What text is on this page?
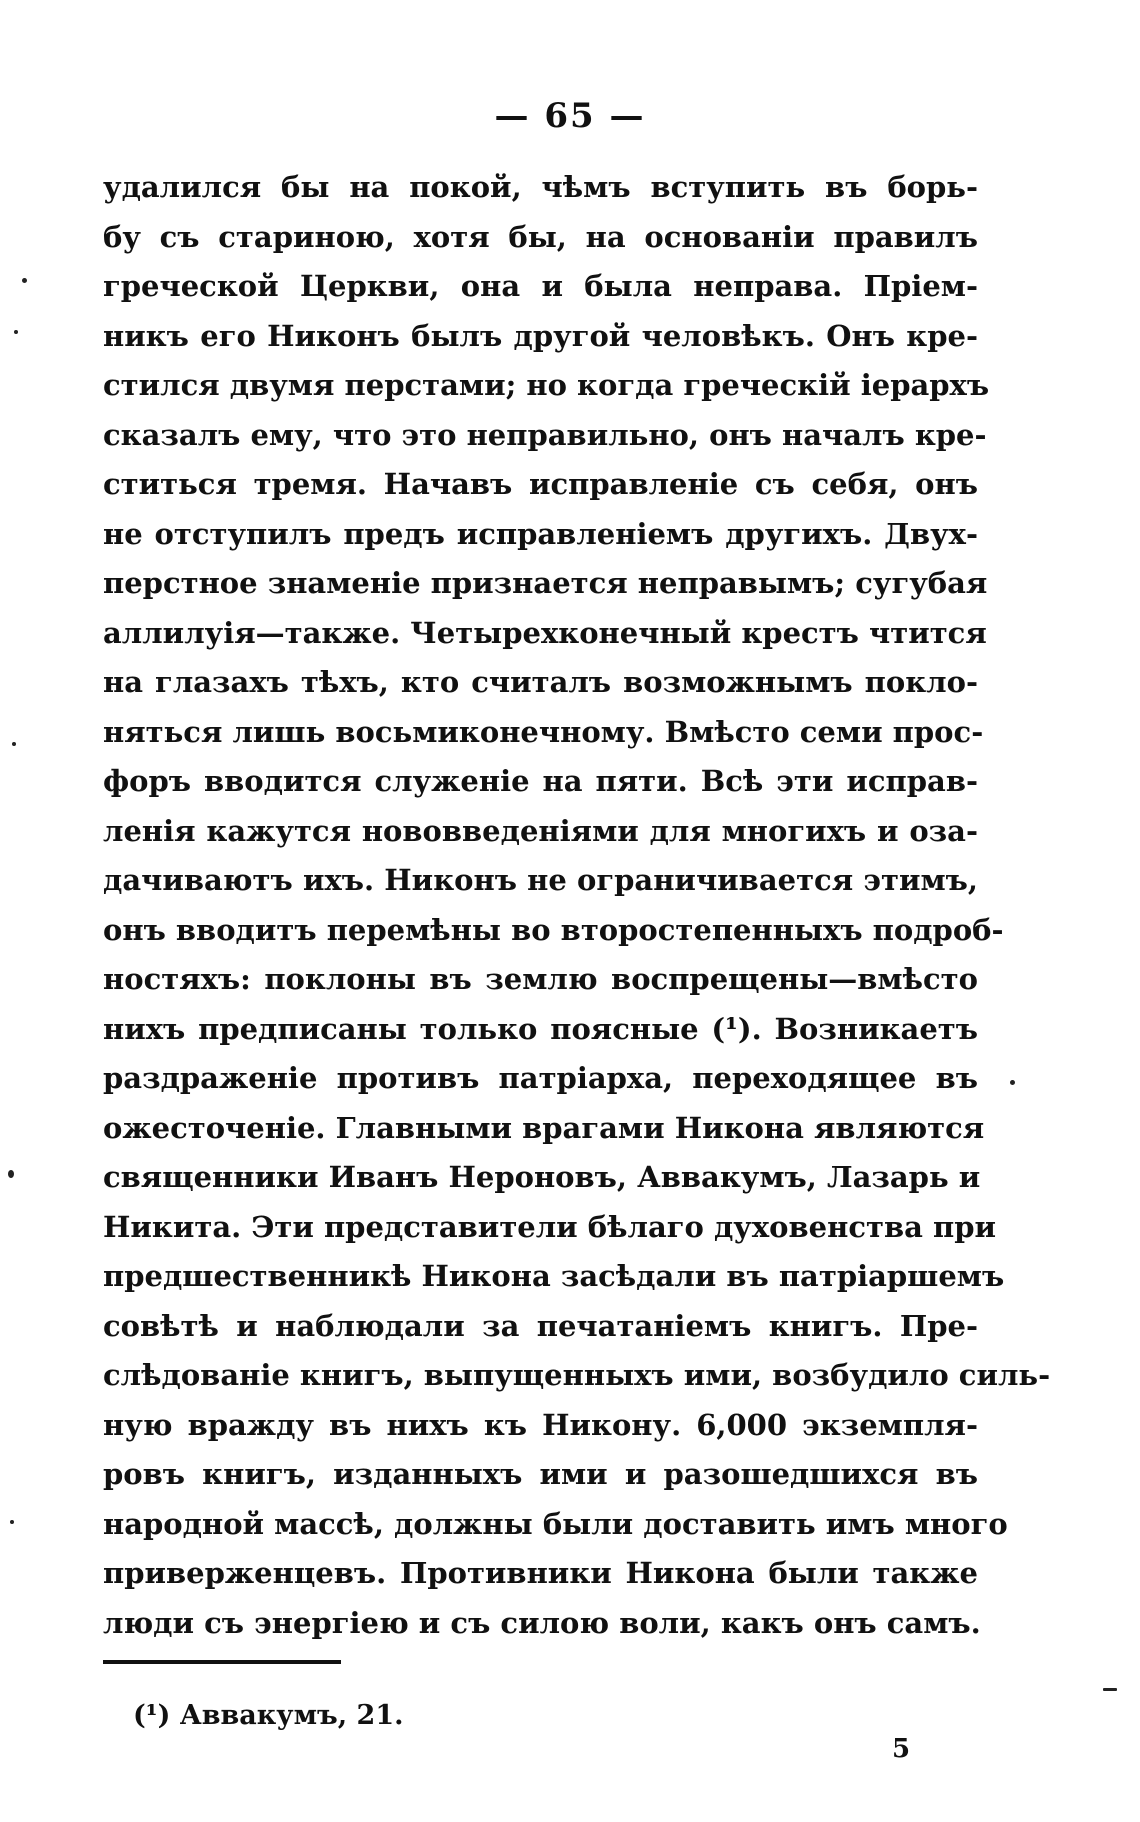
— 65 —
удалился бы на покой, чѣмъ вступить въ борь-
бу съ стариною, хотя бы, на основанiи правилъ
греческой Церкви, она и была неправа. Прiем-
никъ его Никонъ былъ другой человѣкъ. Онъ кре-
стился двумя перстами; но когда греческiй iерархъ
сказалъ ему, что это неправильно, онъ началъ кре-
ститься тремя. Начавъ исправленiе съ себя, онъ
не отступилъ предъ исправленiемъ другихъ. Двух-
перстное знаменiе признается неправымъ; сугубая
аллилуiя—также. Четырехконечный крестъ чтится
на глазахъ тѣхъ, кто считалъ возможнымъ покло-
няться лишь восьмиконечному. Вмѣсто семи прос-
форъ вводится служенiе на пяти. Всѣ эти исправ-
ленiя кажутся нововведенiями для многихъ и оза-
дачиваютъ ихъ. Никонъ не ограничивается этимъ,
онъ вводитъ перемѣны во второстепенныхъ подроб-
ностяхъ: поклоны въ землю воспрещены—вмѣсто
нихъ предписаны только поясные (¹). Возникаетъ
раздраженiе противъ патрiарха, переходящее въ
ожесточенiе. Главными врагами Никона являются
священники Иванъ Нероновъ, Аввакумъ, Лазарь и
Никита. Эти представители бѣлаго духовенства при
предшественникѣ Никона засѣдали въ патрiаршемъ
совѣтѣ и наблюдали за печатанiемъ книгъ. Пре-
слѣдованiе книгъ, выпущенныхъ ими, возбудило силь-
ную вражду въ нихъ къ Никону. 6,000 экземпля-
ровъ книгъ, изданныхъ ими и разошедшихся въ
народной массѣ, должны были доставить имъ много
приверженцевъ. Противники Никона были также
люди съ энергiею и съ силою воли, какъ онъ самъ.
(¹) Аввакумъ, 21.
5
